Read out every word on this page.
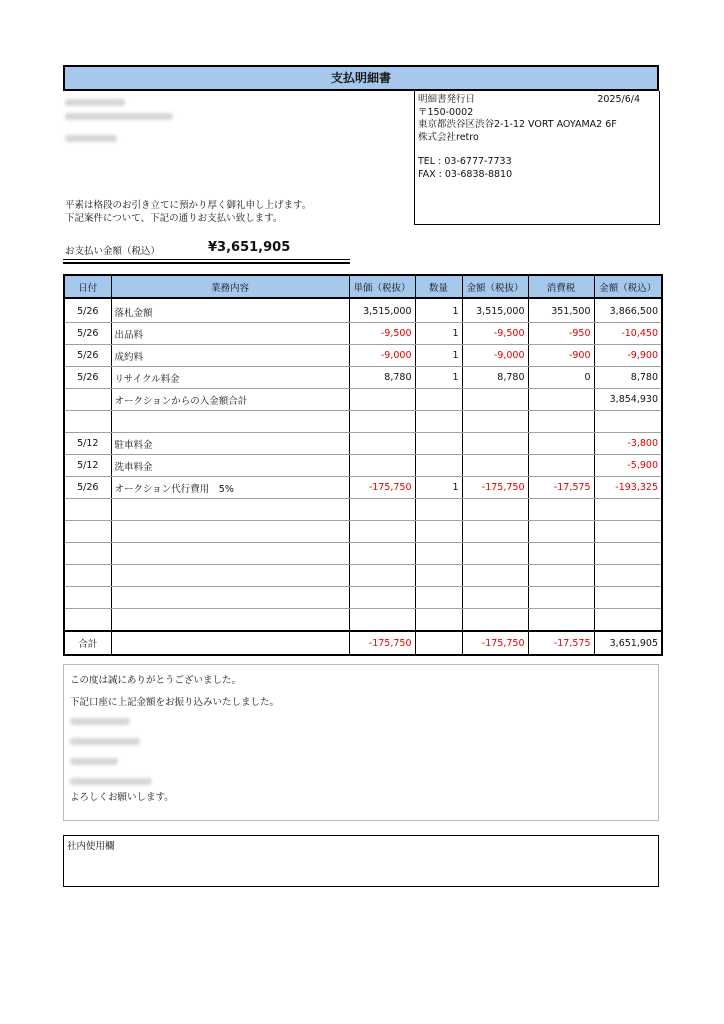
支払明細書
平素は格段のお引き立てに預かり厚く御礼申し上げます。
下記案件について、下記の通りお支払い致します。
明細書発行日	2025/6/4
〒150-0002
東京都渋谷区渋谷2-1-12 VORT AOYAMA2 6F
株式会社retro
TEL : 03-6777-7733
FAX : 03-6838-8810
お支払い金額（税込）	¥3,651,905
日付	業務内容	単価（税抜）	数量	金額（税抜）	消費税	金額（税込）
5/26	落札金額	3,515,000	1	3,515,000	351,500	3,866,500
5/26	出品料	-9,500	1	-9,500	-950	-10,450
5/26	成約料	-9,000	1	-9,000	-900	-9,900
5/26	リサイクル料金	8,780	1	8,780	0	8,780
	オークションからの入金額合計					3,854,930

5/12	駐車料金					-3,800
5/12	洗車料金					-5,900
5/26	オークション代行費用　5%	-175,750	1	-175,750	-17,575	-193,325

合計		-175,750		-175,750	-17,575	3,651,905
この度は誠にありがとうございました。
下記口座に上記金額をお振り込みいたしました。
よろしくお願いします。
社内使用欄
